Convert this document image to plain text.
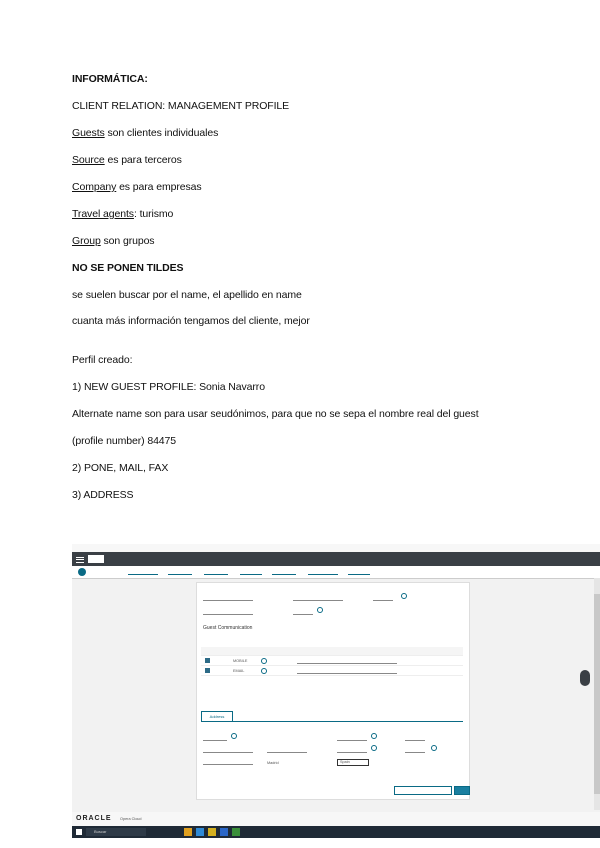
INFORMÁTICA:
CLIENT RELATION: MANAGEMENT PROFILE
Guests son clientes individuales
Source es para terceros
Company es para empresas
Travel agents: turismo
Group son grupos
NO SE PONEN TILDES
se suelen buscar por el name, el apellido en name
cuanta más información tengamos del cliente, mejor
Perfil creado:
1) NEW GUEST PROFILE: Sonia Navarro
Alternate name son para usar seudónimos, para que no se sepa el nombre real del guest
(profile number) 84475
2) PONE, MAIL, FAX
3) ADDRESS
Guest Communication
MOBILE
EMAIL
Address
Madrid	Spain
ORACLE Opera Cloud
Buscar
